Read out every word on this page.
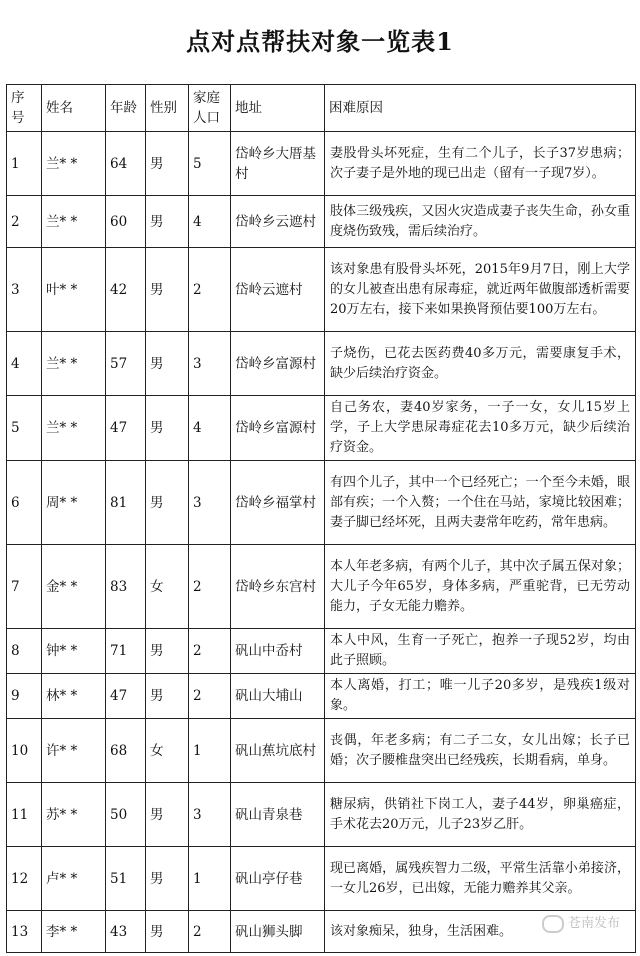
点对点帮扶对象一览表1
序号	姓名	年龄	性别	家庭人口	地址	困难原因
1	兰* *	64	男	5	岱岭乡大厝基村	妻股骨头坏死症，生有二个儿子，长子37岁患病；次子妻子是外地的现已出走（留有一子现7岁）。
2	兰* *	60	男	4	岱岭乡云遮村	肢体三级残疾，又因火灾造成妻子丧失生命，孙女重度烧伤致残，需后续治疗。
3	叶* *	42	男	2	岱岭云遮村	该对象患有股骨头坏死，2015年9月7日，刚上大学的女儿被查出患有尿毒症，就近两年做腹部透析需要20万左右，接下来如果换肾预估要100万左右。
4	兰* *	57	男	3	岱岭乡富源村	子烧伤，已花去医药费40多万元，需要康复手术，缺少后续治疗资金。
5	兰* *	47	男	4	岱岭乡富源村	自己务农，妻40岁家务，一子一女，女儿15岁上学，子上大学患尿毒症花去10多万元，缺少后续治疗资金。
6	周* *	81	男	3	岱岭乡福掌村	有四个儿子，其中一个已经死亡；一个至今未婚，眼部有疾；一个入赘；一个住在马站，家境比较困难；妻子脚已经坏死，且两夫妻常年吃药，常年患病。
7	金* *	83	女	2	岱岭乡东宫村	本人年老多病，有两个儿子，其中次子属五保对象；大儿子今年65岁，身体多病，严重驼背，已无劳动能力，子女无能力赡养。
8	钟* *	71	男	2	矾山中岙村	本人中风，生育一子死亡，抱养一子现52岁，均由此子照顾。
9	林* *	47	男	2	矾山大埔山	本人离婚，打工；唯一儿子20多岁，是残疾1级对象。
10	许* *	68	女	1	矾山蕉坑底村	丧偶，年老多病；有二子二女，女儿出嫁；长子已婚；次子腰椎盘突出已经残疾，长期看病，单身。
11	苏* *	50	男	3	矾山青泉巷	糖尿病，供销社下岗工人，妻子44岁，卵巢癌症，手术花去20万元，儿子23岁乙肝。
12	卢* *	51	男	1	矾山亭仔巷	现已离婚，属残疾智力二级，平常生活靠小弟接济，一女儿26岁，已出嫁，无能力赡养其父亲。
13	李* *	43	男	2	矾山狮头脚	该对象痴呆，独身，生活困难。	苍南发布
